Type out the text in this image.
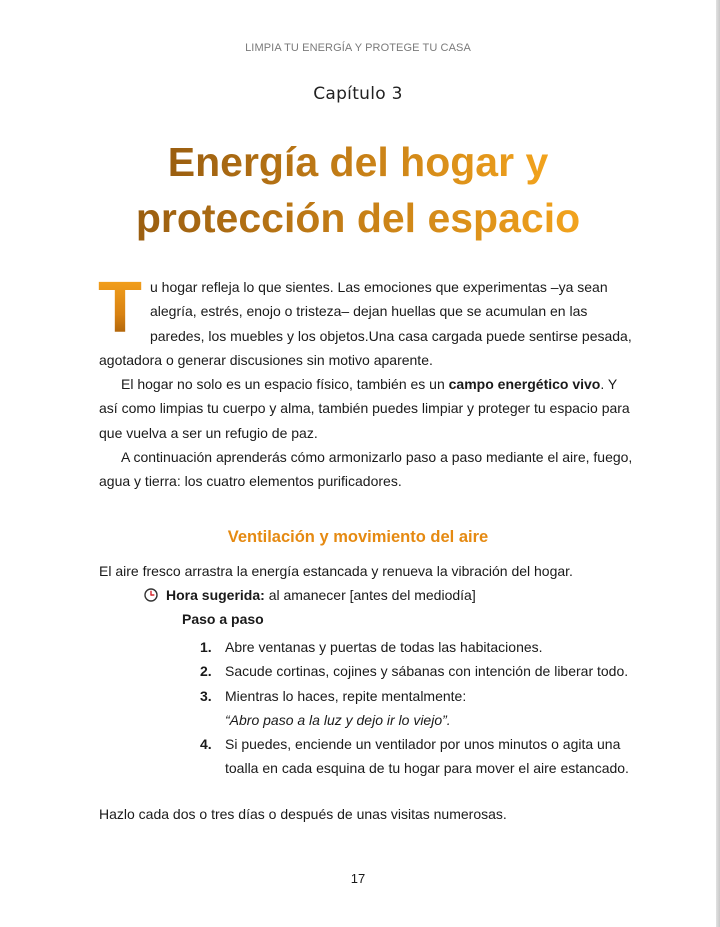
LIMPIA TU ENERGÍA Y PROTEGE TU CASA
Capítulo 3
Energía del hogar y
protección del espacio

T u hogar refleja lo que sientes. Las emociones que experimentas –ya sean alegría, estrés, enojo o tristeza– dejan huellas que se acumulan en las paredes, los muebles y los objetos.Una casa cargada puede sentirse pesada, agotadora o generar discusiones sin motivo aparente.

El hogar no solo es un espacio físico, también es un campo energético vivo. Y así como limpias tu cuerpo y alma, también puedes limpiar y proteger tu espacio para que vuelva a ser un refugio de paz.

A continuación aprenderás cómo armonizarlo paso a paso mediante el aire, fuego, agua y tierra: los cuatro elementos purificadores.

Ventilación y movimiento del aire
El aire fresco arrastra la energía estancada y renueva la vibración del hogar.
Hora sugerida: al amanecer [antes del mediodía]
Paso a paso
1. Abre ventanas y puertas de todas las habitaciones.
2. Sacude cortinas, cojines y sábanas con intención de liberar todo.
3. Mientras lo haces, repite mentalmente:
“Abro paso a la luz y dejo ir lo viejo”.
4. Si puedes, enciende un ventilador por unos minutos o agita una toalla en cada esquina de tu hogar para mover el aire estancado.
Hazlo cada dos o tres días o después de unas visitas numerosas.
17
